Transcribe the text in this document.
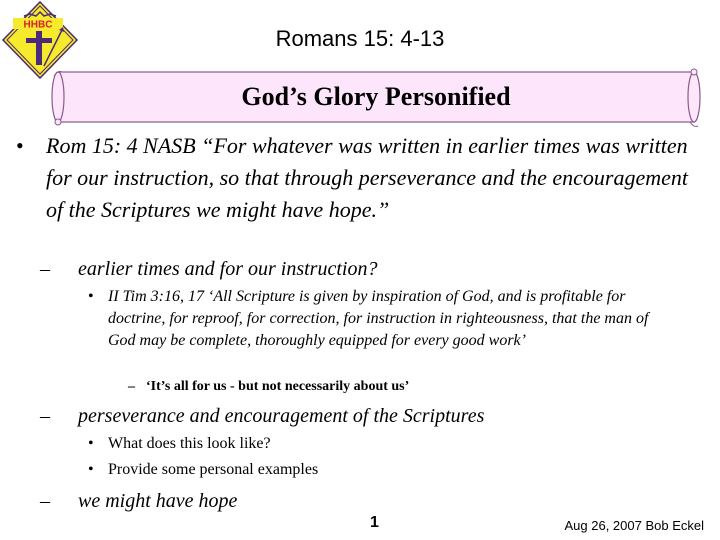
HHBC
Romans 15: 4-13
God’s Glory Personified
• Rom 15: 4 NASB “For whatever was written in earlier times was written for our instruction, so that through perseverance and the encouragement of the Scriptures we might have hope.”
– earlier times and for our instruction?
• II Tim 3:16, 17 ‘All Scripture is given by inspiration of God, and is profitable for doctrine, for reproof, for correction, for instruction in righteousness, that the man of God may be complete, thoroughly equipped for every good work’
– ‘It’s all for us - but not necessarily about us’
– perseverance and encouragement of the Scriptures
• What does this look like?
• Provide some personal examples
– we might have hope
1	Aug 26, 2007 Bob Eckel
